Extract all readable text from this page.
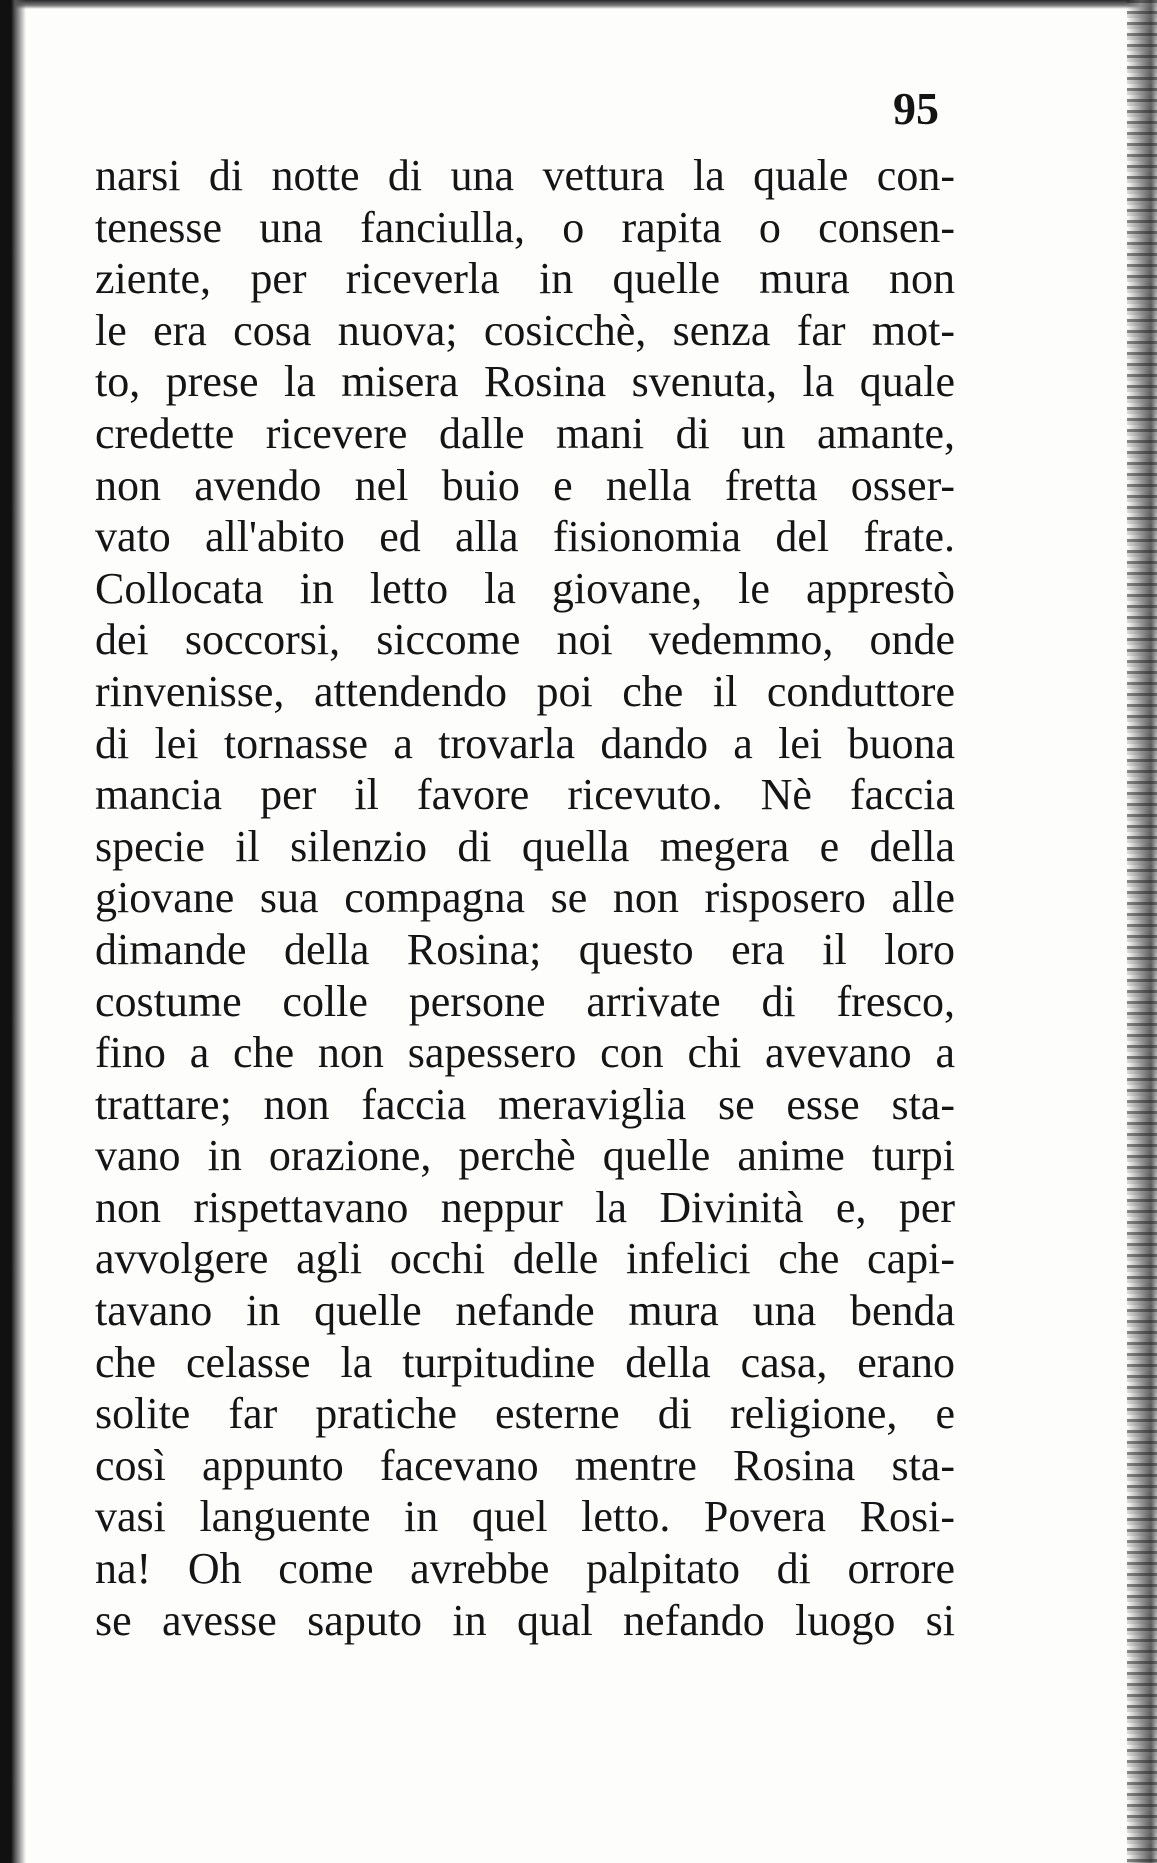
95
narsi di notte di una vettura la quale con-
tenesse una fanciulla, o rapita o consen-
ziente, per riceverla in quelle mura non
le era cosa nuova; cosicchè, senza far mot-
to, prese la misera Rosina svenuta, la quale
credette ricevere dalle mani di un amante,
non avendo nel buio e nella fretta osser-
vato all'abito ed alla fisionomia del frate.
Collocata in letto la giovane, le apprestò
dei soccorsi, siccome noi vedemmo, onde
rinvenisse, attendendo poi che il conduttore
di lei tornasse a trovarla dando a lei buona
mancia per il favore ricevuto. Nè faccia
specie il silenzio di quella megera e della
giovane sua compagna se non risposero alle
dimande della Rosina; questo era il loro
costume colle persone arrivate di fresco,
fino a che non sapessero con chi avevano a
trattare; non faccia meraviglia se esse sta-
vano in orazione, perchè quelle anime turpi
non rispettavano neppur la Divinità e, per
avvolgere agli occhi delle infelici che capi-
tavano in quelle nefande mura una benda
che celasse la turpitudine della casa, erano
solite far pratiche esterne di religione, e
così appunto facevano mentre Rosina sta-
vasi languente in quel letto. Povera Rosi-
na! Oh come avrebbe palpitato di orrore
se avesse saputo in qual nefando luogo si
